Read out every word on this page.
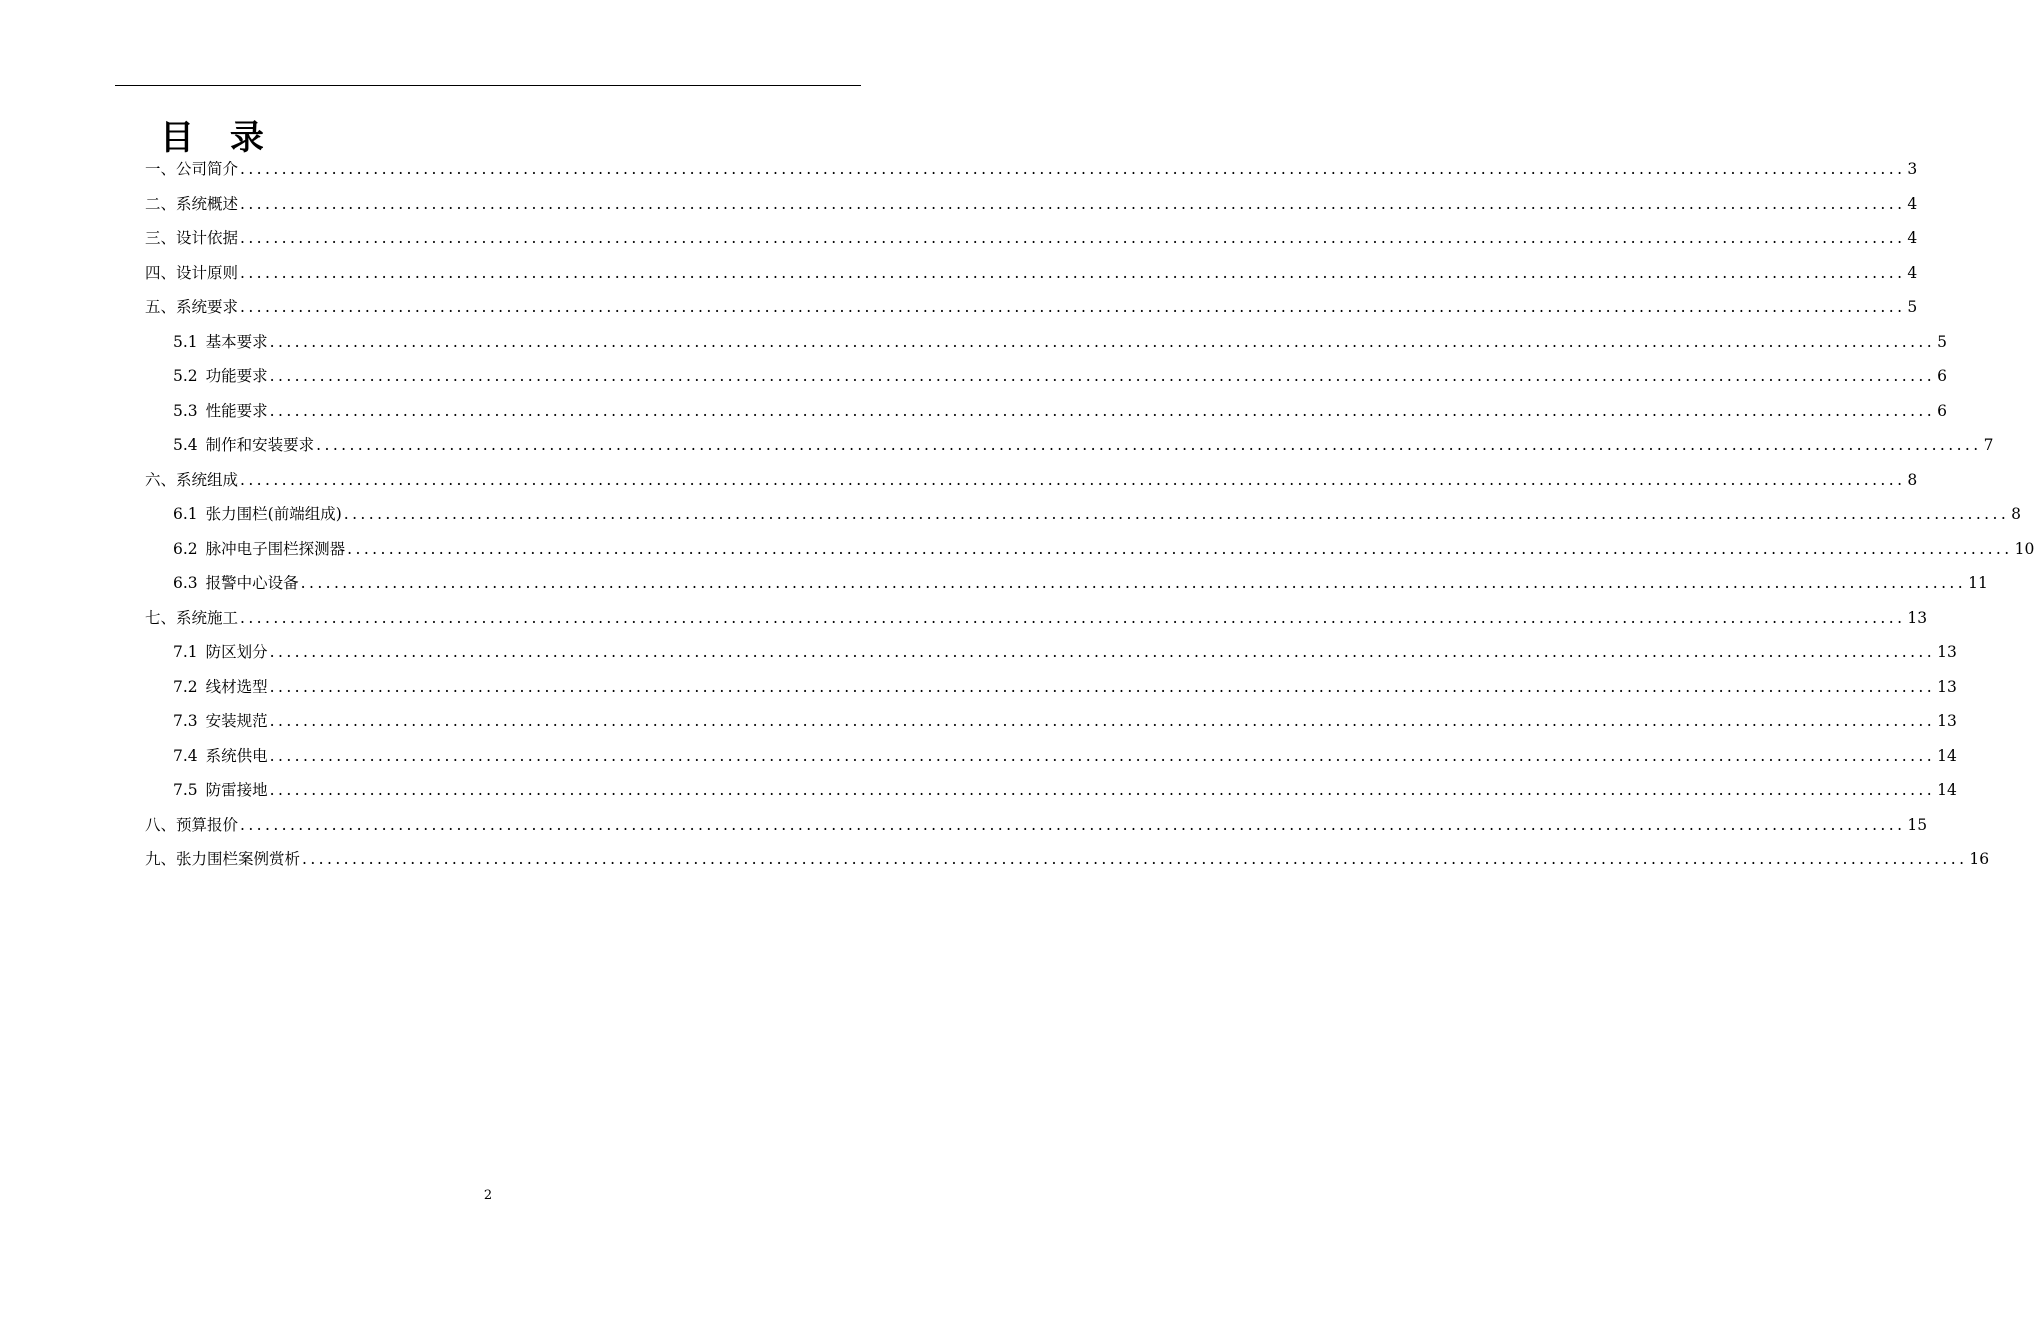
目 录
一、公司简介 ........................................................................................................................................................................................................ 3
二、系统概述 ........................................................................................................................................................................................................ 4
三、设计依据 ........................................................................................................................................................................................................ 4
四、设计原则 ........................................................................................................................................................................................................ 4
五、系统要求 ........................................................................................................................................................................................................ 5
5.1 基本要求 ........................................................................................................................................................................................................ 5
5.2 功能要求 ........................................................................................................................................................................................................ 6
5.3 性能要求 ........................................................................................................................................................................................................ 6
5.4 制作和安装要求 ........................................................................................................................................................................................................ 7
六、系统组成 ........................................................................................................................................................................................................ 8
6.1 张力围栏(前端组成) ........................................................................................................................................................................................................ 8
6.2 脉冲电子围栏探测器 ........................................................................................................................................................................................................ 10
6.3 报警中心设备 ........................................................................................................................................................................................................ 11
七、系统施工 ........................................................................................................................................................................................................ 13
7.1 防区划分 ........................................................................................................................................................................................................ 13
7.2 线材选型 ........................................................................................................................................................................................................ 13
7.3 安装规范 ........................................................................................................................................................................................................ 13
7.4 系统供电 ........................................................................................................................................................................................................ 14
7.5 防雷接地 ........................................................................................................................................................................................................ 14
八、预算报价 ........................................................................................................................................................................................................ 15
九、张力围栏案例赏析 ........................................................................................................................................................................................................ 16
2
